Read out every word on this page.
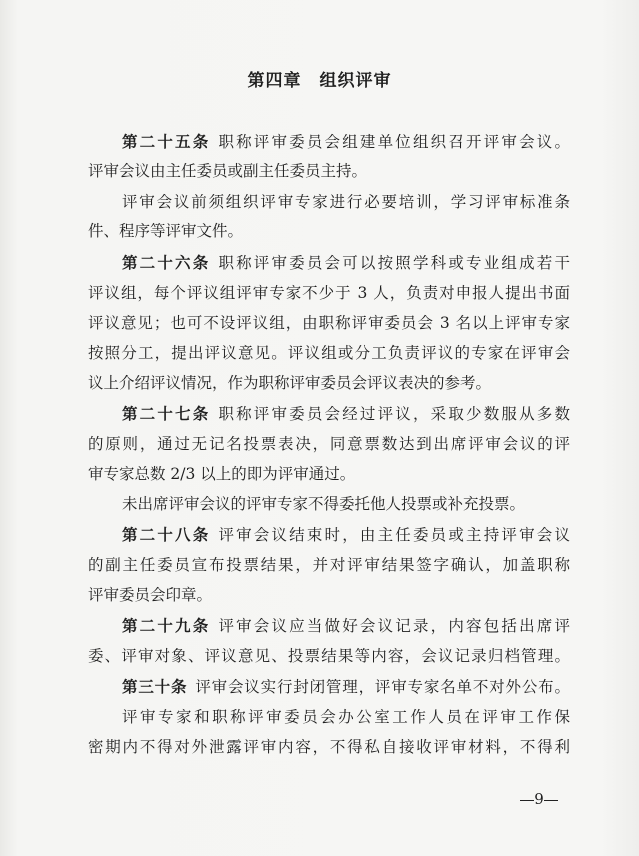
第四章 组织评审
第二十五条 职称评审委员会组建单位组织召开评审会议。
评审会议由主任委员或副主任委员主持。
评审会议前须组织评审专家进行必要培训，学习评审标准条
件、程序等评审文件。
第二十六条 职称评审委员会可以按照学科或专业组成若干
评议组，每个评议组评审专家不少于 3 人，负责对申报人提出书面
评议意见；也可不设评议组，由职称评审委员会 3 名以上评审专家
按照分工，提出评议意见。评议组或分工负责评议的专家在评审会
议上介绍评议情况，作为职称评审委员会评议表决的参考。
第二十七条 职称评审委员会经过评议，采取少数服从多数
的原则，通过无记名投票表决，同意票数达到出席评审会议的评
审专家总数 2/3 以上的即为评审通过。
未出席评审会议的评审专家不得委托他人投票或补充投票。
第二十八条 评审会议结束时，由主任委员或主持评审会议
的副主任委员宣布投票结果，并对评审结果签字确认，加盖职称
评审委员会印章。
第二十九条 评审会议应当做好会议记录，内容包括出席评
委、评审对象、评议意见、投票结果等内容，会议记录归档管理。
第三十条 评审会议实行封闭管理，评审专家名单不对外公布。
评审专家和职称评审委员会办公室工作人员在评审工作保
密期内不得对外泄露评审内容，不得私自接收评审材料，不得利
9
